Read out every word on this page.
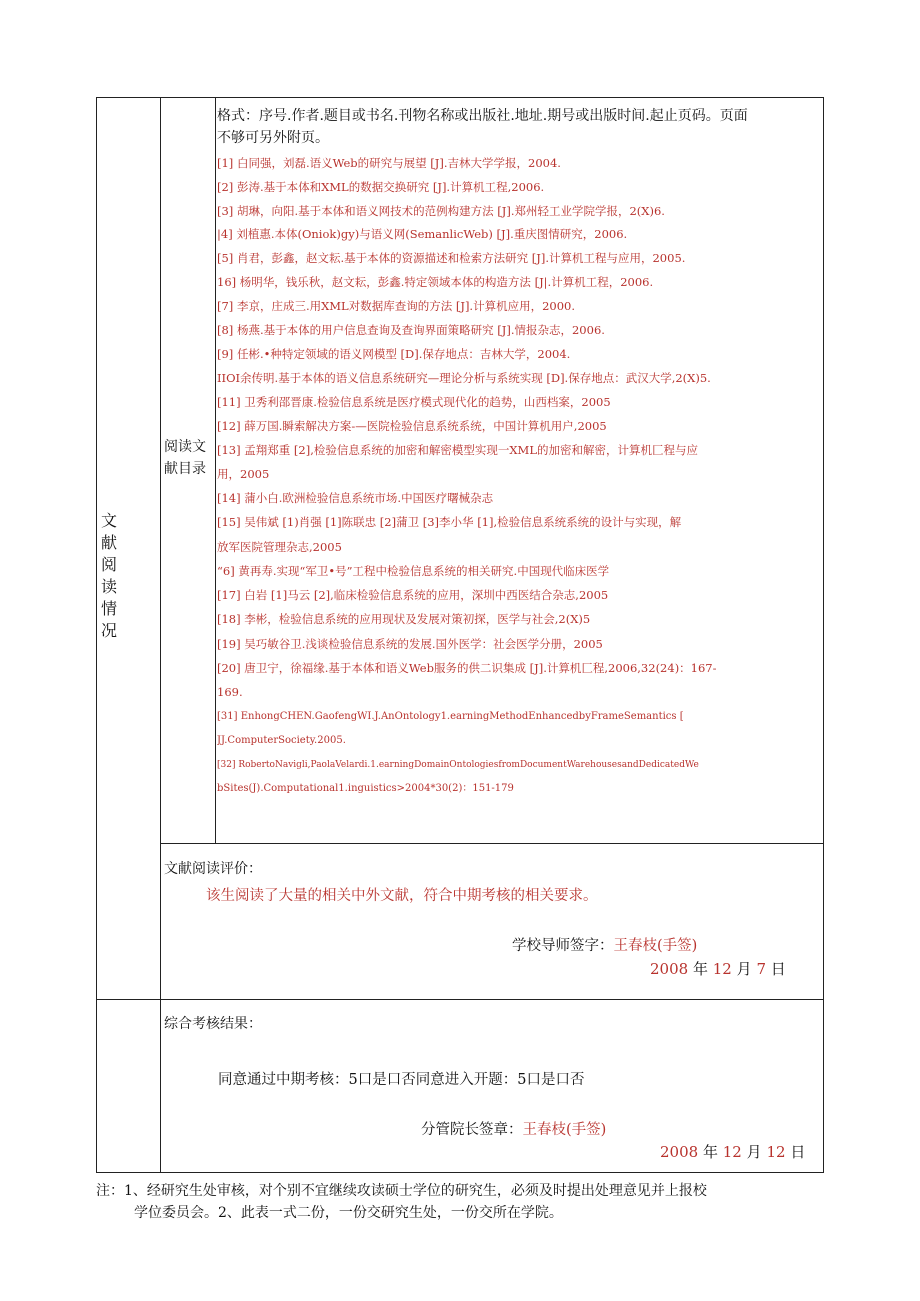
文
献
阅
读
情
况
阅读文
献目录
格式：序号.作者.题目或书名.刊物名称或出版社.地址.期号或出版时间.起止页码。页面
不够可另外附页。
[1] 白同强，刘磊.语义Web的研究与展望 [J].吉林大学学报，2004.
[2] 彭涛.基于本体和XML的数据交换研究 [J].计算机工程,2006.
[3] 胡琳，向阳.基于本体和语义网技术的范例构建方法 [J].郑州轻工业学院学报，2(X)6.
|4] 刘植惠.本体(Oniok)gy)与语义网(SemanlicWeb) [J].重庆图情研究，2006.
[5] 肖君，彭鑫，赵文耘.基于本体的资源描述和检索方法研究 [J].计算机工程与应用，2005.
16] 杨明华，钱乐秋，赵文耘，彭鑫.特定领域本体的构造方法 [J|.计算机工程，2006.
[7] 李京，庄成三.用XML对数据库查询的方法 [J].计算机应用，2000.
[8] 杨燕.基于本体的用户信息查询及查询界面策略研究 [J].情报杂志，2006.
[9] 任彬.•种特定领域的语义网模型 [D].保存地点：吉林大学，2004.
IIOI余传明.基于本体的语义信息系统研究—理论分析与系统实现 [D].保存地点：武汉大学,2(X)5.
[11] 卫秀利邵晋康.检验信息系统是医疗模式现代化的趋势，山西档案，2005
[12] 薛万国.瞬索解决方案-—医院检验信息系统系统，中国计算机用户,2005
[13] 孟翔郑重 [2],检验信息系统的加密和解密模型实现一XML的加密和解密，计算机匚程与应
用，2005
[14] 蒲小白.欧洲检验信息系统市场.中国医疗曙械杂志
[15] 吴伟斌 [1)肖强 [1]陈联忠 [2]蒲卫 [3]李小华 [1],检验信息系统系统的设计与实现，解
放军医院管理杂志,2005
“6] 黄再寿.实现“军卫•号”工程中检验信息系统的相关研究.中国现代临床医学
[17] 白岩 [1]马云 [2],临床检验信息系统的应用，深圳中西医结合杂志,2005
[18] 李彬，检验信息系统的应用现状及发展对策初探，医学与社会,2(X)5
[19] 吴巧敏谷卫.浅谈检验信息系统的发展.国外医学：社会医学分册，2005
[20] 唐卫宁，徐福缘.基于本体和语义Web服务的供二识集成 [J].计算机匚程,2006,32(24)：167-
169.
[31] EnhongCHEN.GaofengWI.J.AnOntology1.earningMethodEnhancedbyFrameSemantics [
JJ.ComputerSociety.2005.
[32] RobertoNavigli,PaolaVelardi.1.earningDomainOntologiesfromDocumentWarehousesandDedicatedWe
bSites(J).Computational1.inguistics>2004*30(2)：151-179
文献阅读评价：
该生阅读了大量的相关中外文献，符合中期考核的相关要求。
学校导师签字：王春枝(手签)
2008 年 12 月 7 日
综合考核结果：
同意通过中期考核：5口是口否同意进入开题：5口是口否
分管院长签章：王春枝(手签)
2008 年 12 月 12 日
注：1、经研究生处审核，对个别不宜继续攻读硕士学位的研究生，必须及时提出处理意见并上报校
学位委员会。2、此表一式二份，一份交研究生处，一份交所在学院。
